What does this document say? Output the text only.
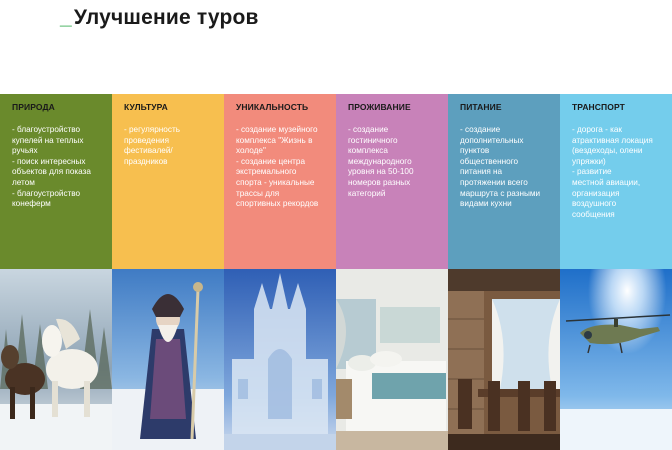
_Улучшение туров
ПРИРОДА
- благоустройство
купелей на теплых
ручьях
- поиск интересных
объектов для показа
летом
- благоустройство
конеферм
КУЛЬТУРА
- регулярность
проведения
фестивалей/
праздников
УНИКАЛЬНОСТЬ
- создание музейного
комплекса "Жизнь в
холоде"
- создание центра
экстремального
спорта - уникальные
трассы для
спортивных рекордов
ПРОЖИВАНИЕ
- создание
гостиничного
комплекса
международного
уровня на 50-100
номеров разных
категорий
ПИТАНИЕ
- создание
дополнительных
пунктов
общественного
питания на
протяжении всего
маршрута с разными
видами кухни
ТРАНСПОРТ
- дорога - как
атрактивная локация
(вездеходы, олени
упряжки)
- развитие
местной авиации,
организация
воздушного
сообщения
